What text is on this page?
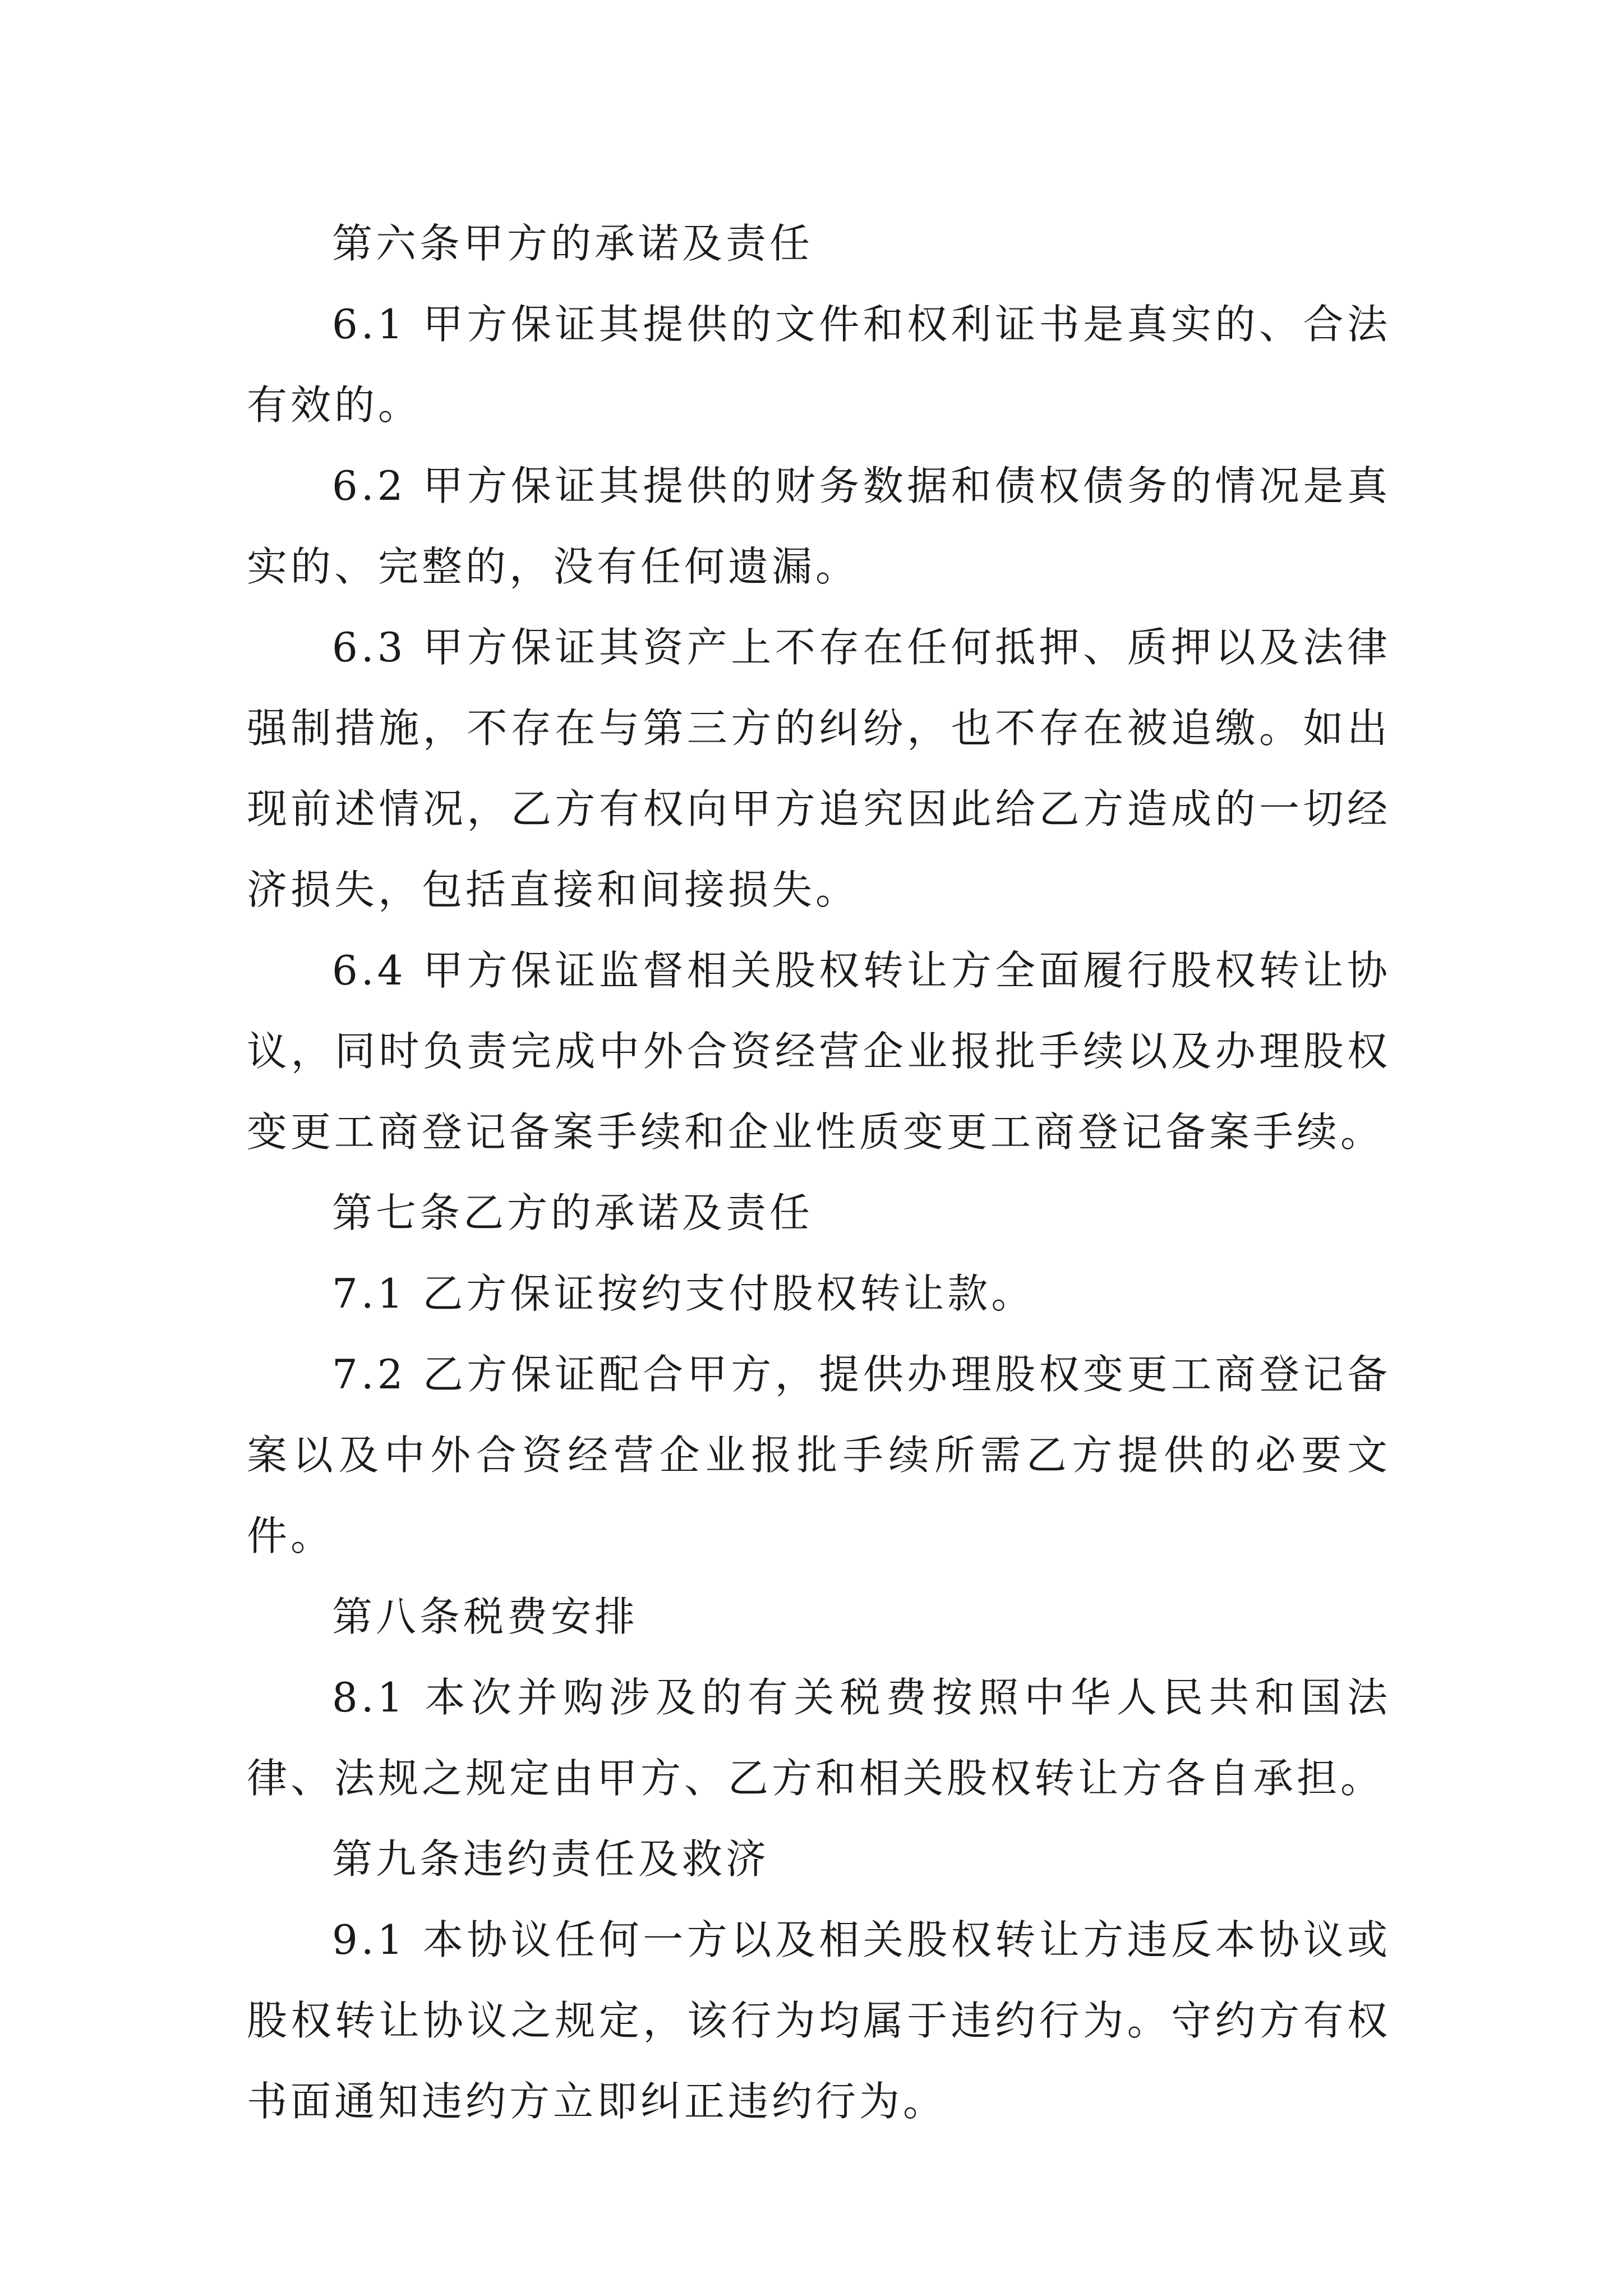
第六条甲方的承诺及责任

6.1 甲方保证其提供的文件和权利证书是真实的、合法有效的。

6.2 甲方保证其提供的财务数据和债权债务的情况是真实的、完整的，没有任何遗漏。

6.3 甲方保证其资产上不存在任何抵押、质押以及法律强制措施，不存在与第三方的纠纷，也不存在被追缴。如出现前述情况，乙方有权向甲方追究因此给乙方造成的一切经济损失，包括直接和间接损失。

6.4 甲方保证监督相关股权转让方全面履行股权转让协议，同时负责完成中外合资经营企业报批手续以及办理股权变更工商登记备案手续和企业性质变更工商登记备案手续。

第七条乙方的承诺及责任

7.1 乙方保证按约支付股权转让款。

7.2 乙方保证配合甲方，提供办理股权变更工商登记备案以及中外合资经营企业报批手续所需乙方提供的必要文件。

第八条税费安排

8.1 本次并购涉及的有关税费按照中华人民共和国法律、法规之规定由甲方、乙方和相关股权转让方各自承担。

第九条违约责任及救济

9.1 本协议任何一方以及相关股权转让方违反本协议或股权转让协议之规定，该行为均属于违约行为。守约方有权书面通知违约方立即纠正违约行为。
